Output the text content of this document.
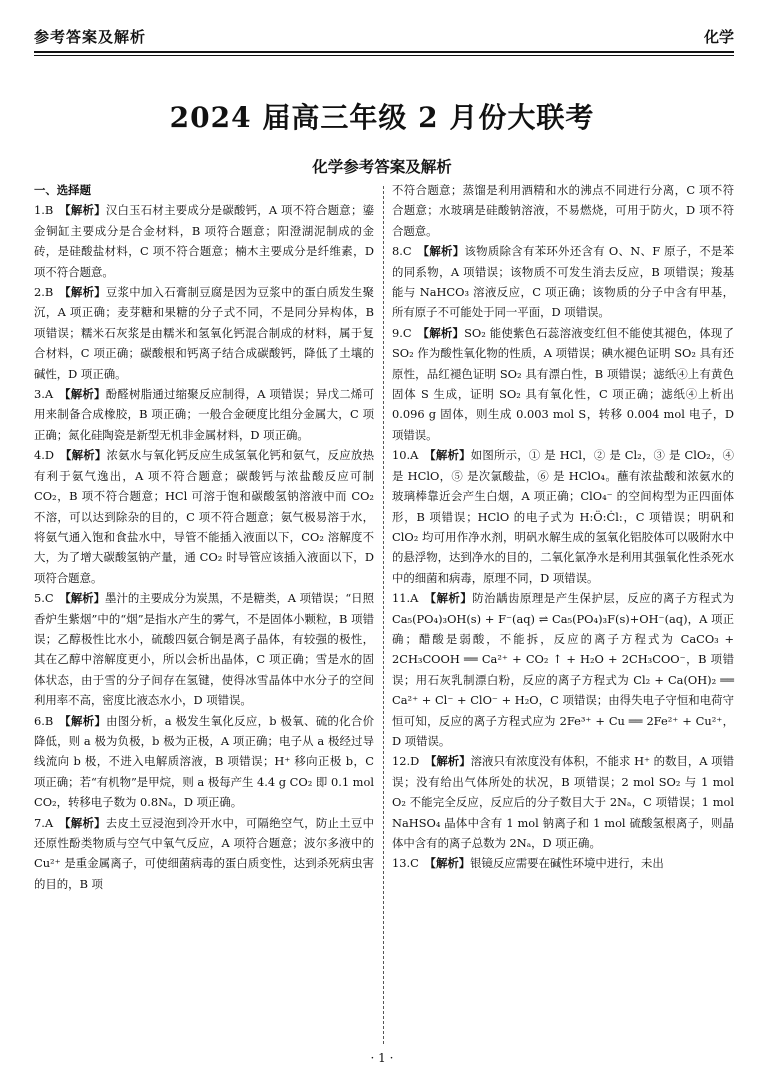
参考答案及解析	化学
2024 届高三年级 2 月份大联考
化学参考答案及解析
一、选择题

1.B  【解析】汉白玉石材主要成分是碳酸钙，A 项不符合题意；鎏金铜缸主要成分是合金材料，B 项符合题意；阳澄湖泥制成的金砖，是硅酸盐材料，C 项不符合题意；楠木主要成分是纤维素，D 项不符合题意。

2.B  【解析】豆浆中加入石膏制豆腐是因为豆浆中的蛋白质发生聚沉，A 项正确；麦芽糖和果糖的分子式不同，不是同分异构体，B 项错误；糯米石灰浆是由糯米和氢氧化钙混合制成的材料，属于复合材料，C 项正确；碳酸根和钙离子结合成碳酸钙，降低了土壤的碱性，D 项正确。

3.A  【解析】酚醛树脂通过缩聚反应制得，A 项错误；异戊二烯可用来制备合成橡胶，B 项正确；一般合金硬度比组分金属大，C 项正确；氮化硅陶瓷是新型无机非金属材料，D 项正确。

4.D  【解析】浓氨水与氧化钙反应生成氢氧化钙和氨气，反应放热有利于氨气逸出，A 项不符合题意；碳酸钙与浓盐酸反应可制 CO₂，B 项不符合题意；HCl 可溶于饱和碳酸氢钠溶液中而 CO₂ 不溶，可以达到除杂的目的，C 项不符合题意；氨气极易溶于水，将氨气通入饱和食盐水中，导管不能插入液面以下，CO₂ 溶解度不大，为了增大碳酸氢钠产量，通 CO₂ 时导管应该插入液面以下，D 项符合题意。

5.C  【解析】墨汁的主要成分为炭黑，不是糖类，A 项错误；“日照香炉生紫烟”中的“烟”是指水产生的雾气，不是固体小颗粒，B 项错误；乙醇极性比水小，硫酸四氨合铜是离子晶体，有较强的极性，其在乙醇中溶解度更小，所以会析出晶体，C 项正确；雪是水的固体状态，由于雪的分子间存在氢键，使得冰雪晶体中水分子的空间利用率不高，密度比液态水小，D 项错误。

6.B  【解析】由图分析，a 极发生氧化反应，b 极氧、硫的化合价降低，则 a 极为负极，b 极为正极，A 项正确；电子从 a 极经过导线流向 b 极，不进入电解质溶液，B 项错误；H⁺ 移向正极 b，C 项正确；若“有机物”是甲烷，则 a 极每产生 4.4 g CO₂ 即 0.1 mol CO₂，转移电子数为 0.8Nₐ，D 项正确。

7.A  【解析】去皮土豆浸泡到冷开水中，可隔绝空气，防止土豆中还原性酚类物质与空气中氧气反应，A 项符合题意；波尔多液中的 Cu²⁺ 是重金属离子，可使细菌病毒的蛋白质变性，达到杀死病虫害的目的，B 项

不符合题意；蒸馏是利用酒精和水的沸点不同进行分离，C 项不符合题意；水玻璃是硅酸钠溶液，不易燃烧，可用于防火，D 项不符合题意。

8.C  【解析】该物质除含有苯环外还含有 O、N、F 原子，不是苯的同系物，A 项错误；该物质不可发生消去反应，B 项错误；羧基能与 NaHCO₃ 溶液反应，C 项正确；该物质的分子中含有甲基，所有原子不可能处于同一平面，D 项错误。

9.C  【解析】SO₂ 能使紫色石蕊溶液变红但不能使其褪色，体现了 SO₂ 作为酸性氧化物的性质，A 项错误；碘水褪色证明 SO₂ 具有还原性，品红褪色证明 SO₂ 具有漂白性，B 项错误；滤纸④上有黄色固体 S 生成，证明 SO₂ 具有氧化性，C 项正确；滤纸④上析出 0.096 g 固体，则生成 0.003 mol S，转移 0.004 mol 电子，D 项错误。

10.A  【解析】如图所示，① 是 HCl，② 是 Cl₂，③ 是 ClO₂，④ 是 HClO，⑤ 是次氯酸盐，⑥ 是 HClO₄。蘸有浓盐酸和浓氨水的玻璃棒靠近会产生白烟，A 项正确；ClO₄⁻ 的空间构型为正四面体形，B 项错误；HClO 的电子式为 H:Ö:Ċl:，C 项错误；明矾和 ClO₂ 均可用作净水剂，明矾水解生成的氢氧化铝胶体可以吸附水中的悬浮物，达到净水的目的，二氧化氯净水是利用其强氧化性杀死水中的细菌和病毒，原理不同，D 项错误。

11.A  【解析】防治龋齿原理是产生保护层，反应的离子方程式为 Ca₅(PO₄)₃OH(s) + F⁻(aq) ⇌ Ca₅(PO₄)₃F(s)+OH⁻(aq)，A 项正确；醋酸是弱酸，不能拆，反应的离子方程式为 CaCO₃ + 2CH₃COOH ══ Ca²⁺ + CO₂ ↑ + H₂O + 2CH₃COO⁻，B 项错误；用石灰乳制漂白粉，反应的离子方程式为 Cl₂ + Ca(OH)₂ ══ Ca²⁺ + Cl⁻ + ClO⁻ + H₂O，C 项错误；由得失电子守恒和电荷守恒可知，反应的离子方程式应为 2Fe³⁺ + Cu ══ 2Fe²⁺ + Cu²⁺，D 项错误。

12.D  【解析】溶液只有浓度没有体积，不能求 H⁺ 的数目，A 项错误；没有给出气体所处的状况，B 项错误；2 mol SO₂ 与 1 mol O₂ 不能完全反应，反应后的分子数目大于 2Nₐ，C 项错误；1 mol NaHSO₄ 晶体中含有 1 mol 钠离子和 1 mol 硫酸氢根离子，则晶体中含有的离子总数为 2Nₐ，D 项正确。

13.C  【解析】银镜反应需要在碱性环境中进行，未出

· 1 ·
